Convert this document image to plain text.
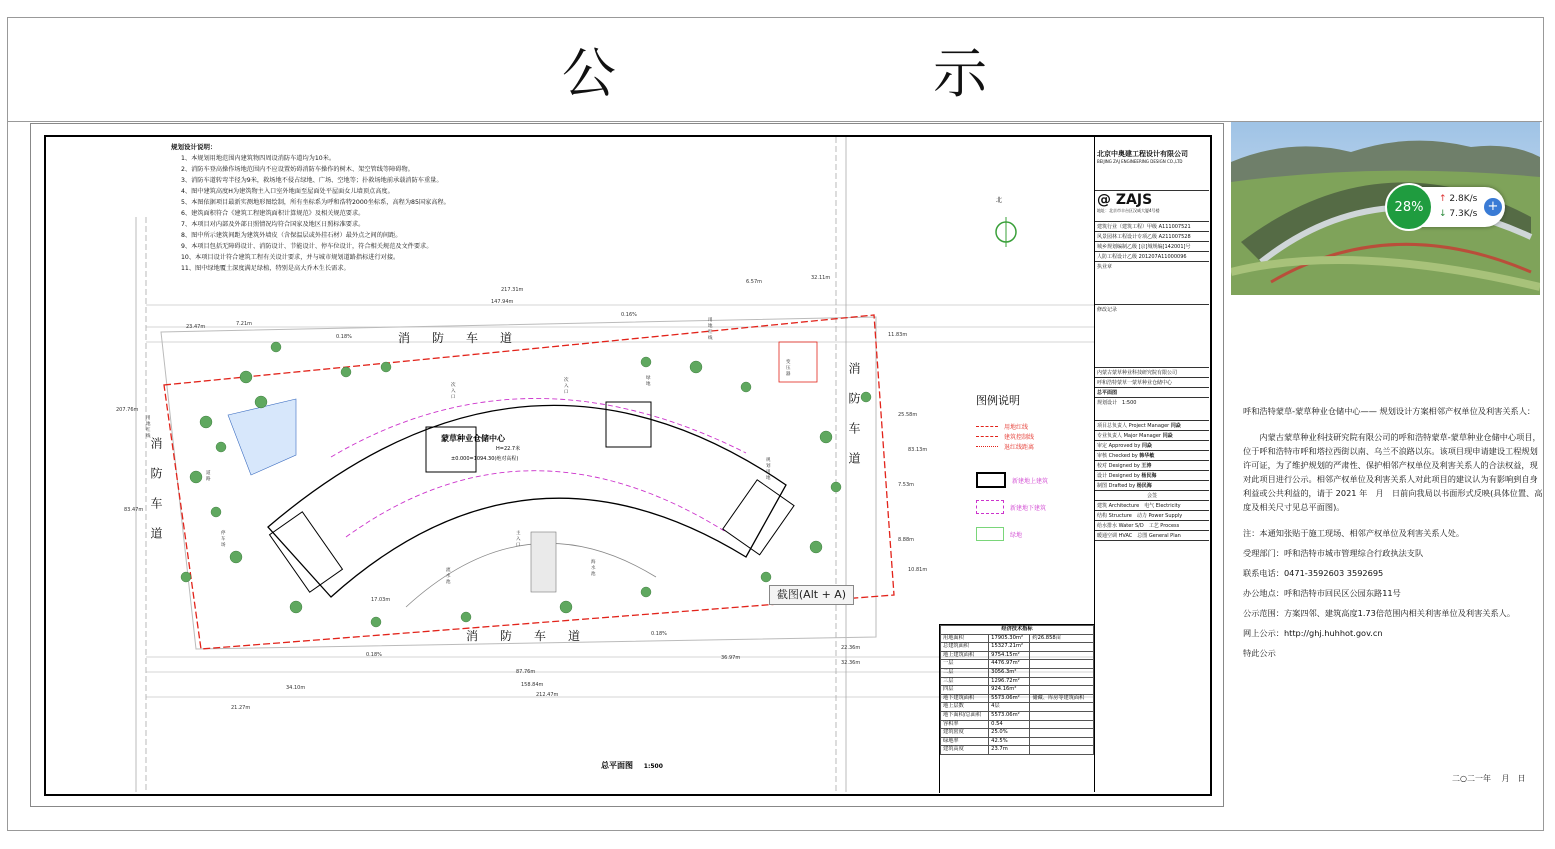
公 示
规划设计说明：
1、本规划用地范围内建筑物四周设消防车道均为10米。
2、消防车登高操作场地范围内不应设置妨碍消防车操作的树木、架空管线等障碍物。
3、消防车道转弯半径为9米，救场地不侵占绿地、广场、空地等；扑救场地前承载消防车重量。
4、图中建筑高度H为建筑物主入口室外地面至屋面处平屋面女儿墙顶点高度。
5、本图依据项目最新实测地形图绘制，所有坐标系为呼和浩特2000坐标系，高程为85国家高程。
6、建筑面积符合《建筑工程建筑面积计算规范》及相关规范要求。
7、本项目对内部及外部日照情况均符合国家及地区日照标准要求。
8、图中所示建筑间距为建筑外墙皮（含保温层或外挂石材）最外点之间的间距。
9、本项目包括无障碍设计、消防设计、节能设计、停车位设计，符合相关规范及文件要求。
10、本项目设计符合建筑工程有关设计要求，并与城市规划道路指标进行对接。
11、图中绿地覆土深度满足绿植，特别是高大乔木生长需求。
217.31m
147.94m
6.57m
32.11m
23.47m	7.21m
0.18%
0.16%
87.76m
158.84m
212.47m
34.10m
21.27m
36.97m
32.36m
22.36m
0.18%
0.18%
11.83m
25.58m
83.13m
7.53m
10.81m
8.88m
207.76m
83.47m
17.03m
消防车道
消防车道
消防车道
消防车道
蒙草种业仓储中心
H=22.7米
±0.000=1094.30(绝对高程)
用地红线
次入口
次入口
主入口
变压器
绿地
流水池
海水池
用地红线
规划用地
道路
停车场
北
图例说明
用地红线
建筑控制线
退红线距离
新建地上建筑
新建地下建筑
绿地
总平面图 1:500
经济技术指标		
用地面积	17905.30m²	约26.858亩
总建筑面积	15327.21m²	
地上建筑面积	9754.15m²	
一层	4476.97m²	
二层	3056.3m²	
三层	1296.72m²	
四层	924.16m²	
地下建筑面积	5573.06m²	储藏、库房等建筑面积
地上层数	4层	
地下面积/总面积	5573.06m²	
容积率	0.54	
建筑密度	25.0%	
绿地率	42.5%	
建筑高度	23.7m	
北京中奥建工程设计有限公司
BEIJING ZAJ ENGINEERING DESIGN CO.,LTD
@ ZAJS
地址：北京市丰台区汉威大厦4号楼
建筑行业（建筑工程）甲级 A111007521
风景园林工程设计专项乙级 A211007528
城乡规划编制乙级 [京]城规编[142001]号
人防工程设计乙级 201207A11000096
执业章
修改记录
内蒙古蒙草种业科技研究院有限公司
呼和浩特蒙草一蒙草种业仓储中心
总平面图
规划设计　 1:500
项目总负责人 Project Manager 闫焱
专业负责人 Major Manager 闫焱
审定 Approved by 闫焱
审核 Checked by 韩华敏
校对 Designed by 王涛
设计 Designed by 杨民海
制图 Drafted by 杨民海
会签
建筑 Architecture　 电气 Electricity
结构 Structure　 动力 Power Supply
给水排水 Water S/D　 工艺 Process
暖通空调 HVAC　 总图 General Plan
28%
↑ 2.8K/s
↓ 7.3K/s +

呼和浩特蒙草-蒙草种业仓储中心—— 规划设计方案相邻产权单位及利害关系人：

内蒙古蒙草种业科技研究院有限公司的呼和浩特蒙草-蒙草种业仓储中心项目，位于呼和浩特市呼和塔拉西街以南、乌兰不浪路以东。该项目现申请建设工程规划许可证，为了维护规划的严肃性、保护相邻产权单位及利害关系人的合法权益，现对此项目进行公示。相邻产权单位及利害关系人对此项目的建议认为有影响到自身利益或公共利益的，请于 2021 年　月　日前向我局以书面形式反映(具体位置、高度及相关尺寸见总平面图)。

注：本通知张贴于施工现场、相邻产权单位及利害关系人处。

受理部门：呼和浩特市城市管理综合行政执法支队

联系电话：0471-3592603 3592695

办公地点：呼和浩特市回民区公园东路11号

公示范围：方案四邻、建筑高度1.73倍范围内相关利害单位及利害关系人。

网上公示：http://ghj.huhhot.gov.cn

特此公示

二○二一年 　月　日
截图(Alt + A)
